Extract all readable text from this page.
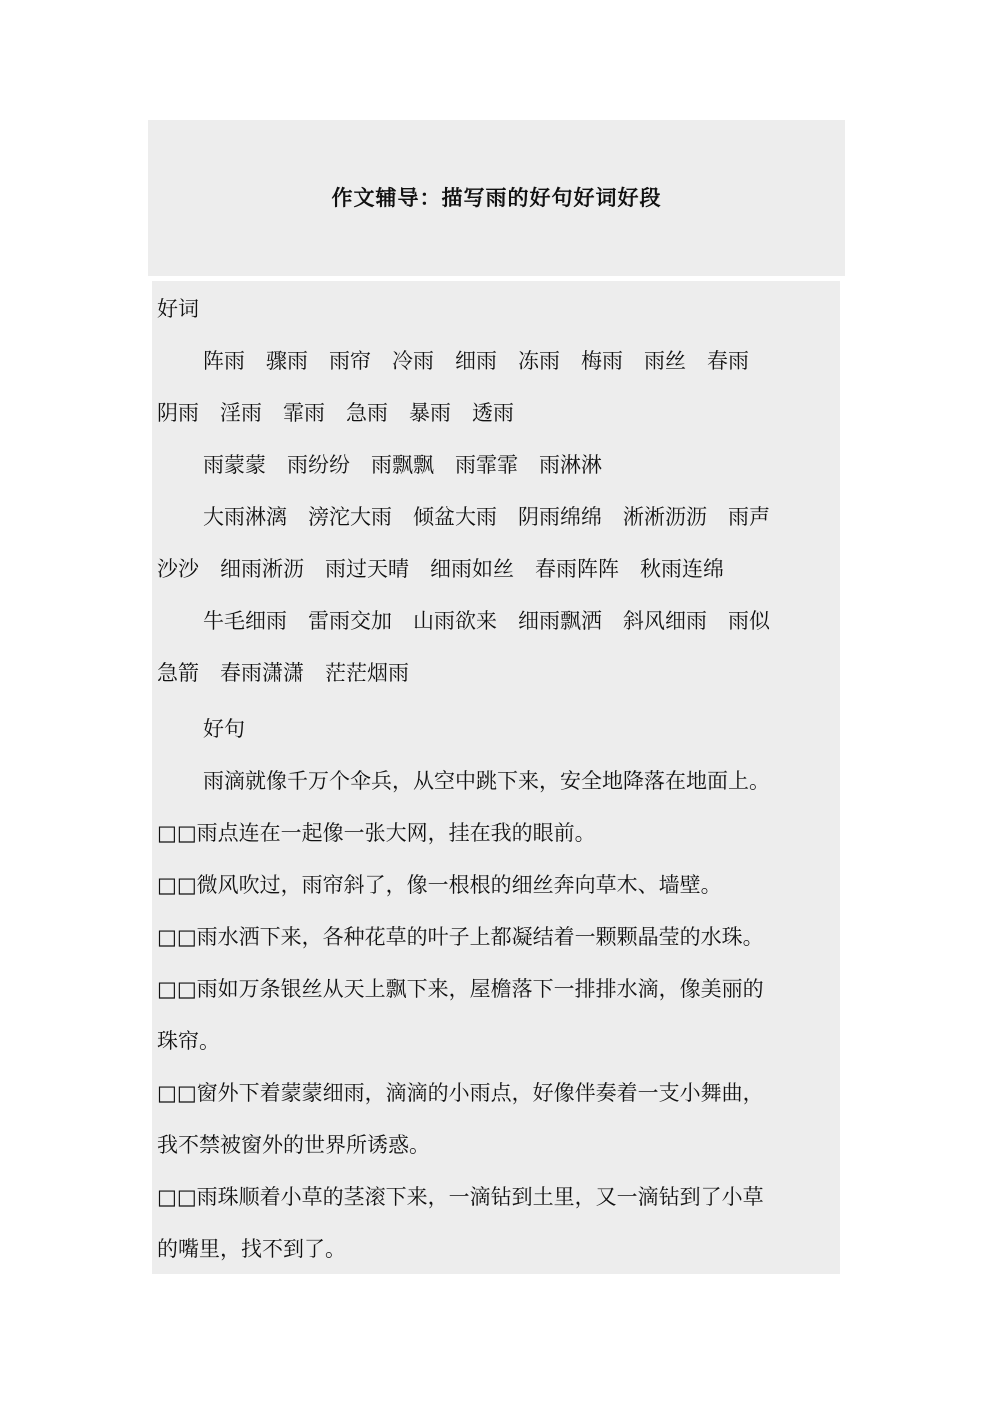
作文辅导：描写雨的好句好词好段
好词
阵雨　骤雨　雨帘　冷雨　细雨　冻雨　梅雨　雨丝　春雨
阴雨　淫雨　霏雨　急雨　暴雨　透雨
雨蒙蒙　雨纷纷　雨飘飘　雨霏霏　雨淋淋
大雨淋漓　滂沱大雨　倾盆大雨　阴雨绵绵　淅淅沥沥　雨声
沙沙　细雨淅沥　雨过天晴　细雨如丝　春雨阵阵　秋雨连绵
牛毛细雨　雷雨交加　山雨欲来　细雨飘洒　斜风细雨　雨似
急箭　春雨潇潇　茫茫烟雨
好句
雨滴就像千万个伞兵，从空中跳下来，安全地降落在地面上。
□□雨点连在一起像一张大网，挂在我的眼前。
□□微风吹过，雨帘斜了，像一根根的细丝奔向草木、墙壁。
□□雨水洒下来，各种花草的叶子上都凝结着一颗颗晶莹的水珠。
□□雨如万条银丝从天上飘下来，屋檐落下一排排水滴，像美丽的
珠帘。
□□窗外下着蒙蒙细雨，滴滴的小雨点，好像伴奏着一支小舞曲，
我不禁被窗外的世界所诱惑。
□□雨珠顺着小草的茎滚下来，一滴钻到土里，又一滴钻到了小草
的嘴里，找不到了。
